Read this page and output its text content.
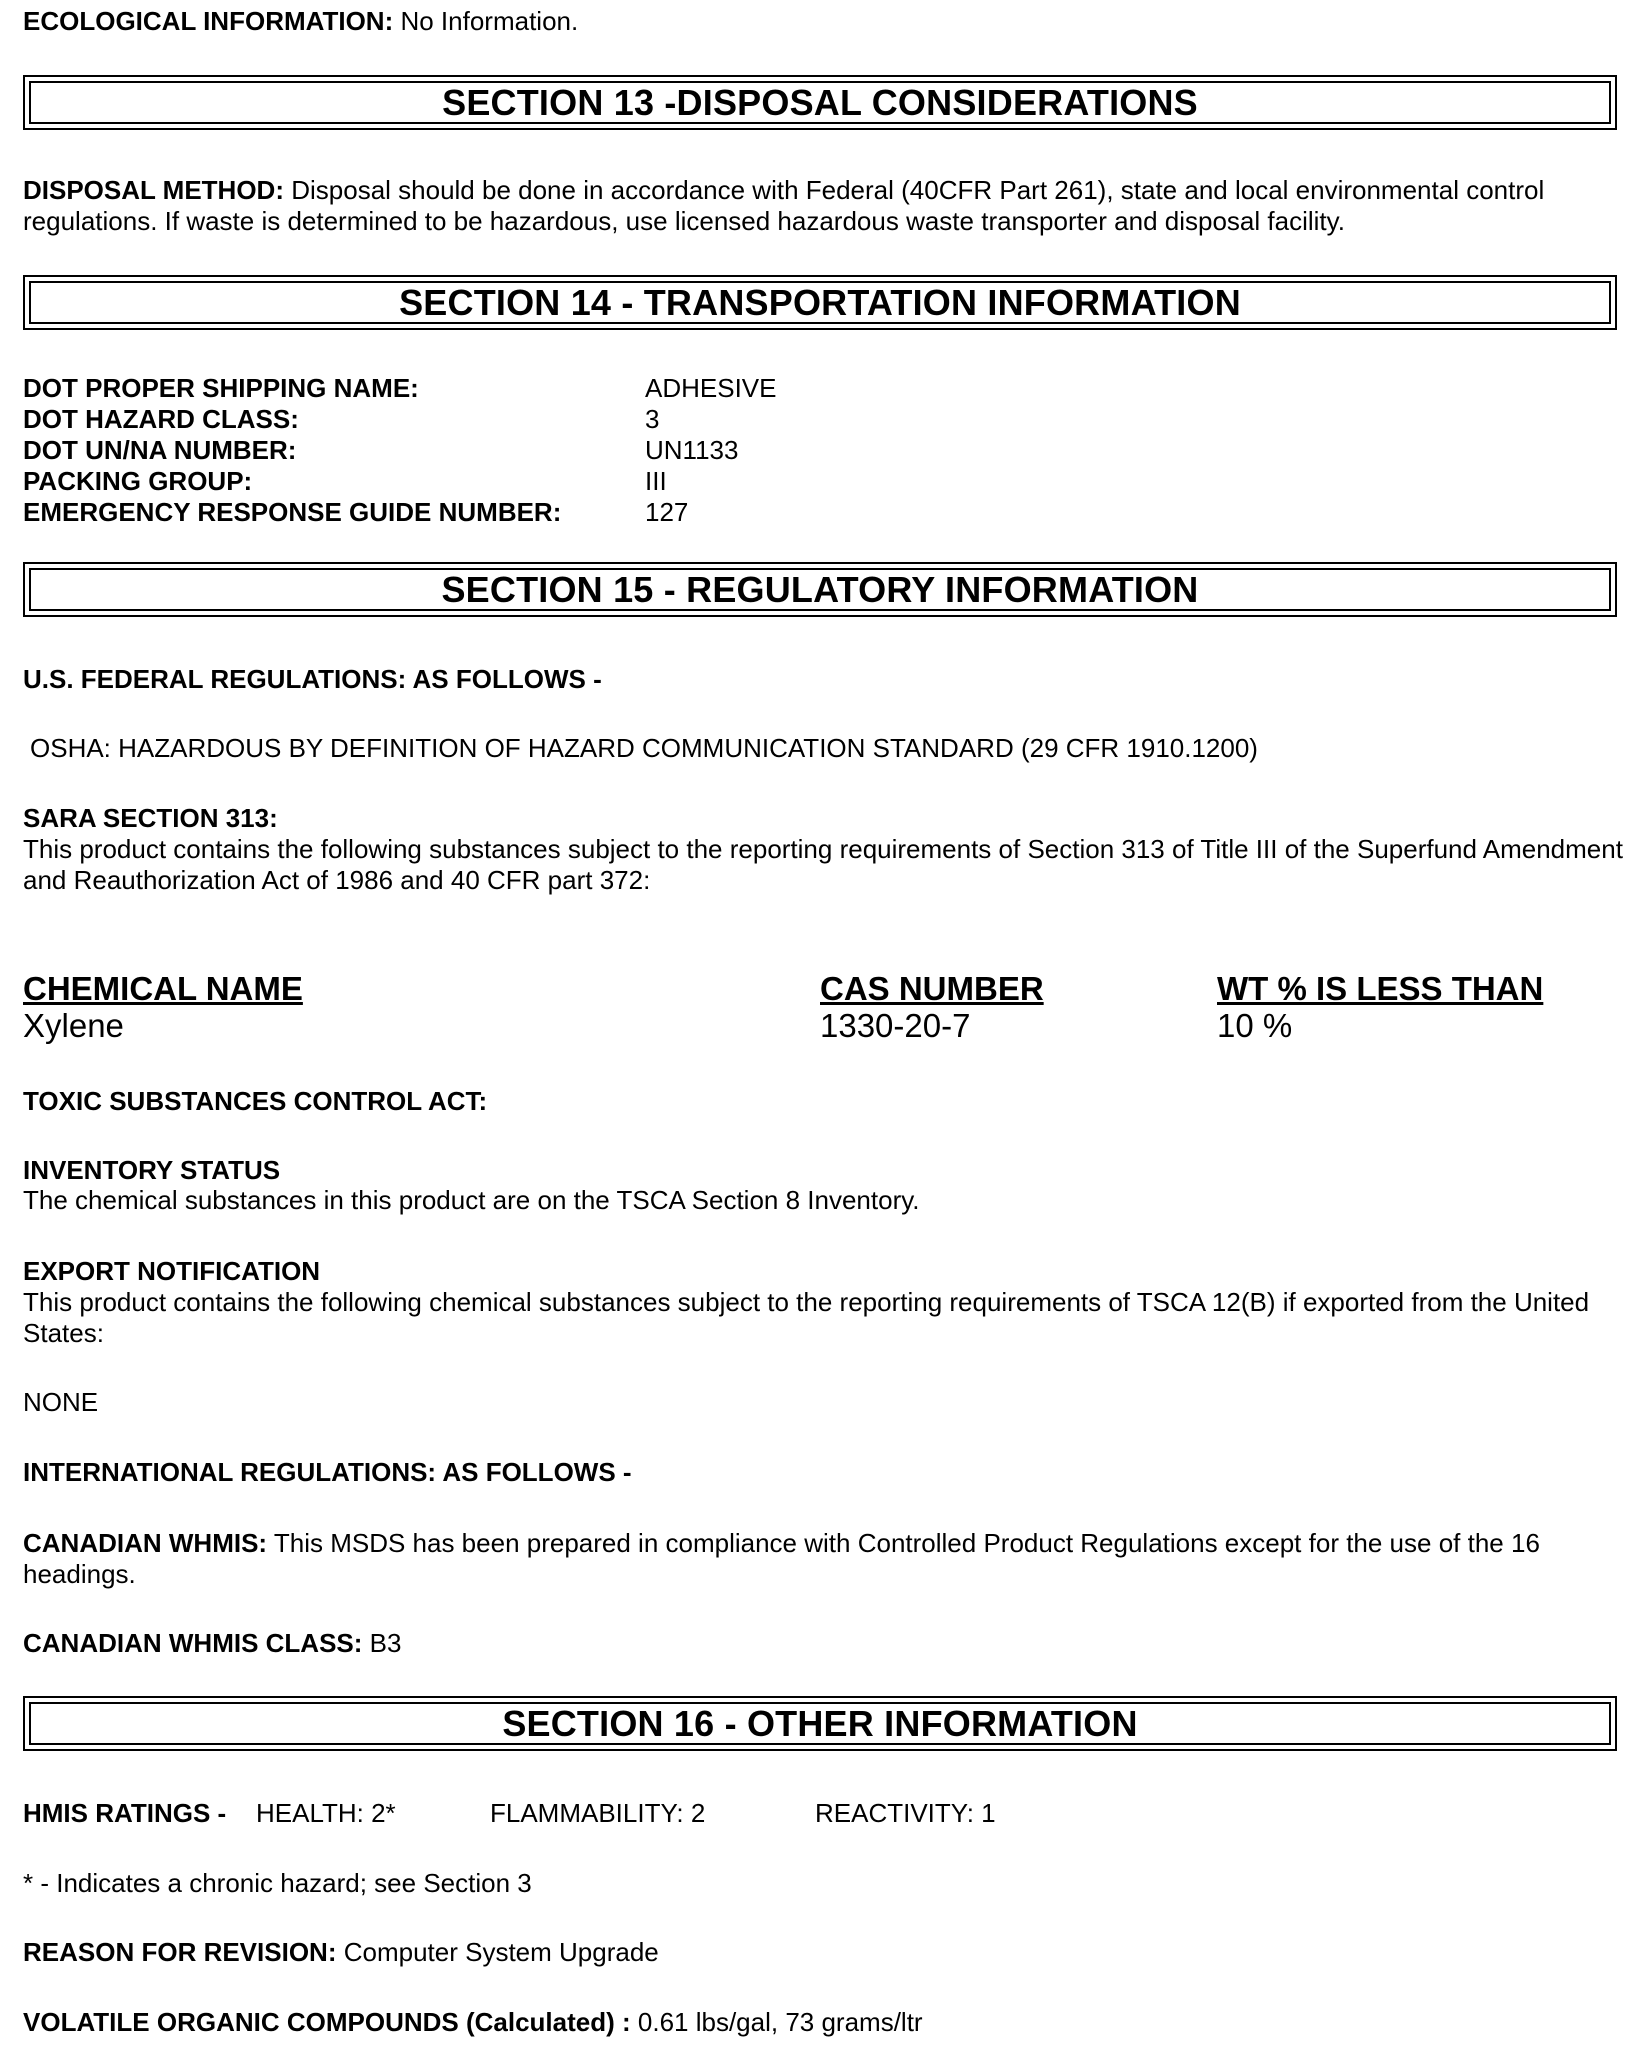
ECOLOGICAL INFORMATION: No Information.
SECTION 13 -DISPOSAL CONSIDERATIONS
DISPOSAL METHOD: Disposal should be done in accordance with Federal (40CFR Part 261), state and local environmental control regulations. If waste is determined to be hazardous, use licensed hazardous waste transporter and disposal facility.
SECTION 14 - TRANSPORTATION INFORMATION
DOT PROPER SHIPPING NAME:	ADHESIVE
DOT HAZARD CLASS:	3
DOT UN/NA NUMBER:	UN1133
PACKING GROUP:	III
EMERGENCY RESPONSE GUIDE NUMBER:	127
SECTION 15 - REGULATORY INFORMATION
U.S. FEDERAL REGULATIONS: AS FOLLOWS -
OSHA: HAZARDOUS BY DEFINITION OF HAZARD COMMUNICATION STANDARD (29 CFR 1910.1200)
SARA SECTION 313:
This product contains the following substances subject to the reporting requirements of Section 313 of Title III of the Superfund Amendment and Reauthorization Act of 1986 and 40 CFR part 372:
CHEMICAL NAME	CAS NUMBER	WT % IS LESS THAN
Xylene	1330-20-7	10 %
TOXIC SUBSTANCES CONTROL ACT:
INVENTORY STATUS
The chemical substances in this product are on the TSCA Section 8 Inventory.
EXPORT NOTIFICATION
This product contains the following chemical substances subject to the reporting requirements of TSCA 12(B) if exported from the United States:
NONE
INTERNATIONAL REGULATIONS: AS FOLLOWS -
CANADIAN WHMIS: This MSDS has been prepared in compliance with Controlled Product Regulations except for the use of the 16 headings.
CANADIAN WHMIS CLASS: B3
SECTION 16 - OTHER INFORMATION
HMIS RATINGS - HEALTH: 2*	FLAMMABILITY: 2	REACTIVITY: 1
* - Indicates a chronic hazard; see Section 3
REASON FOR REVISION: Computer System Upgrade
VOLATILE ORGANIC COMPOUNDS (Calculated) : 0.61 lbs/gal, 73 grams/ltr
